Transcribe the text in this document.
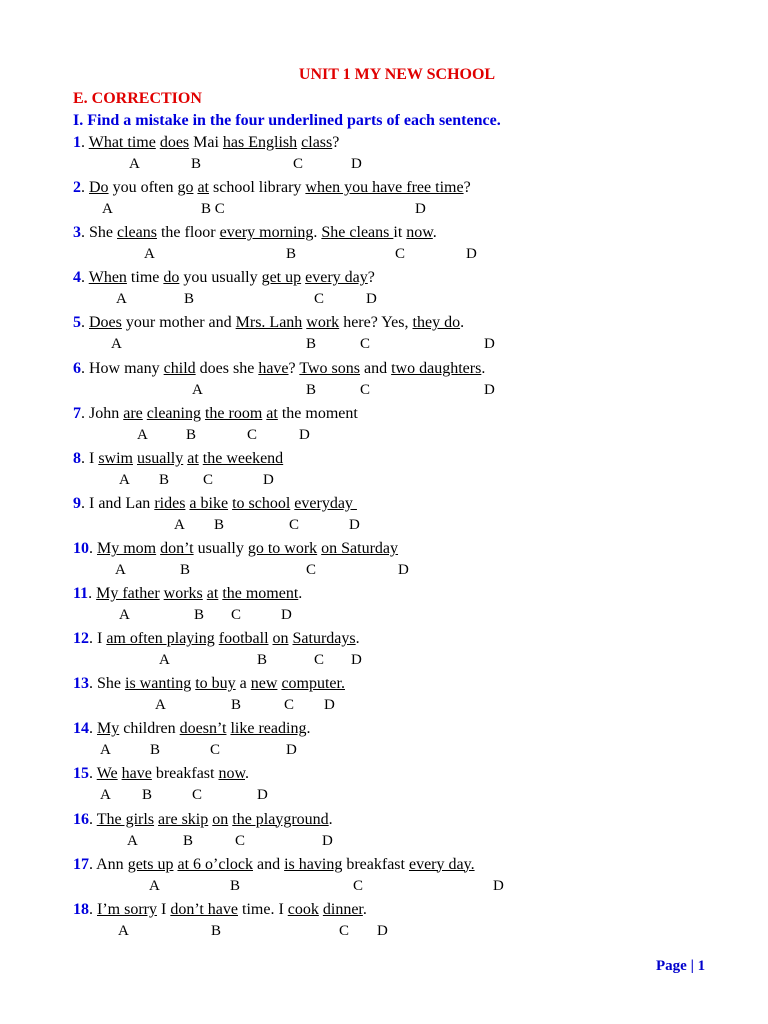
UNIT 1 MY NEW SCHOOL
E. CORRECTION
I. Find a mistake in the four underlined parts of each sentence.
1. What time does Mai has English class?
A	B	C	D
2. Do you often go at school library when you have free time?
A	B C	D
3. She cleans the floor every morning. She cleans it now.
A	B	C	D
4. When time do you usually get up every day?
A	B	C	D
5. Does your mother and Mrs. Lanh work here? Yes, they do.
A	B	C	D
6. How many child does she have? Two sons and two daughters.
A	B	C	D
7. John are cleaning the room at the moment
A	B	C	D
8. I swim usually at the weekend
A B C	D
9. I and Lan rides a bike to school everyday
A B	C	D
10. My mom don’t usually go to work on Saturday
A	B	C	D
11. My father works at the moment.
A	B C	D
12. I am often playing football on Saturdays.
A	B	C D
13. She is wanting to buy a new computer.
A	B	C D
14. My children doesn’t like reading.
A	B	C	D
15. We have breakfast now.
A B	C	D
16. The girls are skip on the playground.
A	B	C	D
17. Ann gets up at 6 o’clock and is having breakfast every day.
A	B	C	D
18. I’m sorry I don’t have time. I cook dinner.
A	B	C D
Page | 1
